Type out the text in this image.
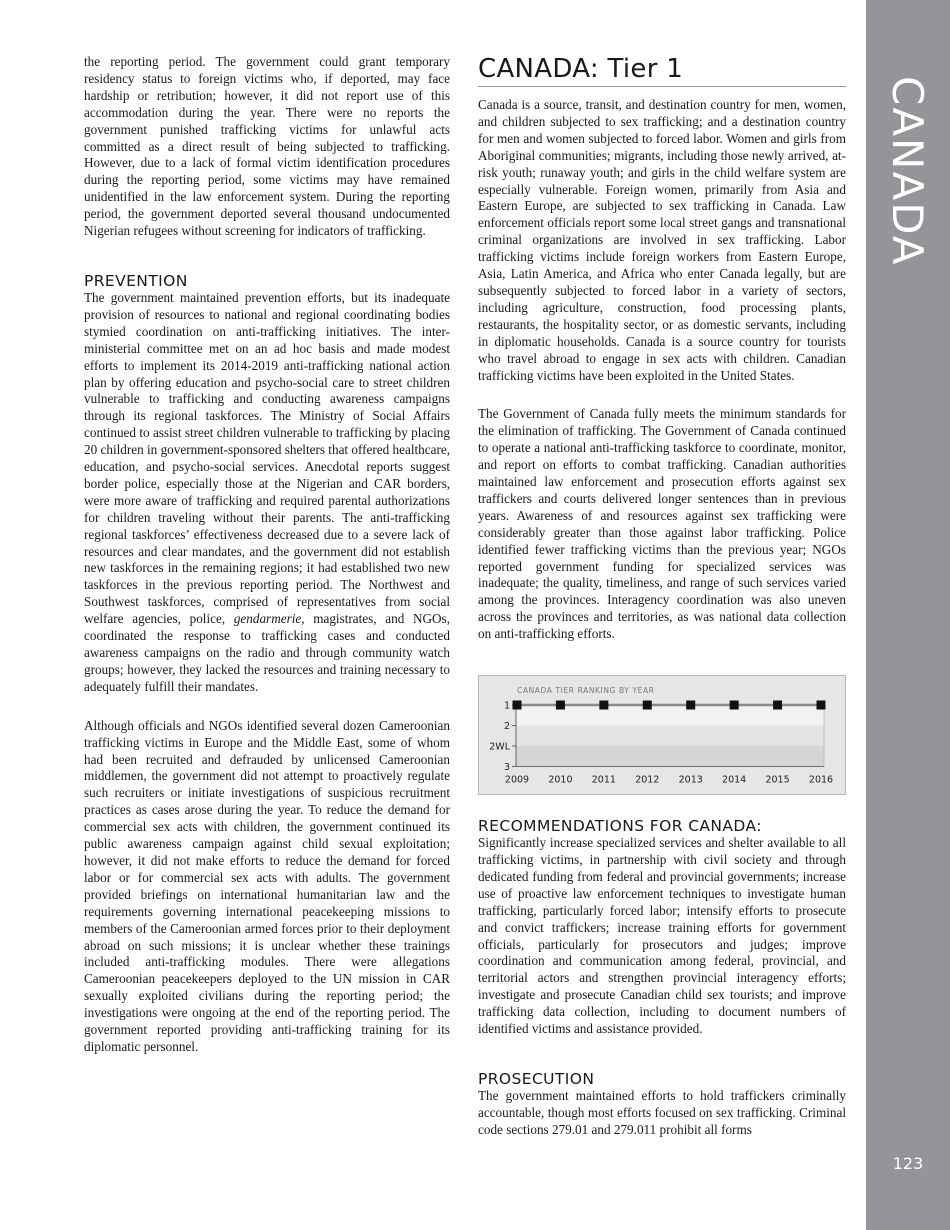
CANADA
123

the reporting period. The government could grant temporary residency status to foreign victims who, if deported, may face hardship or retribution; however, it did not report use of this accommodation during the year. There were no reports the government punished trafficking victims for unlawful acts committed as a direct result of being subjected to trafficking. However, due to a lack of formal victim identification procedures during the reporting period, some victims may have remained unidentified in the law enforcement system. During the reporting period, the government deported several thousand undocumented Nigerian refugees without screening for indicators of trafficking.

PREVENTION

The government maintained prevention efforts, but its inadequate provision of resources to national and regional coordinating bodies stymied coordination on anti-trafficking initiatives. The inter-ministerial committee met on an ad hoc basis and made modest efforts to implement its 2014-2019 anti-trafficking national action plan by offering education and psycho-social care to street children vulnerable to trafficking and conducting awareness campaigns through its regional taskforces. The Ministry of Social Affairs continued to assist street children vulnerable to trafficking by placing 20 children in government-sponsored shelters that offered healthcare, education, and psycho-social services. Anecdotal reports suggest border police, especially those at the Nigerian and CAR borders, were more aware of trafficking and required parental authorizations for children traveling without their parents. The anti-trafficking regional taskforces’ effectiveness decreased due to a severe lack of resources and clear mandates, and the government did not establish new taskforces in the remaining regions; it had established two new taskforces in the previous reporting period. The Northwest and Southwest taskforces, comprised of representatives from social welfare agencies, police, gendarmerie, magistrates, and NGOs, coordinated the response to trafficking cases and conducted awareness campaigns on the radio and through community watch groups; however, they lacked the resources and training necessary to adequately fulfill their mandates.

Although officials and NGOs identified several dozen Cameroonian trafficking victims in Europe and the Middle East, some of whom had been recruited and defrauded by unlicensed Cameroonian middlemen, the government did not attempt to proactively regulate such recruiters or initiate investigations of suspicious recruitment practices as cases arose during the year. To reduce the demand for commercial sex acts with children, the government continued its public awareness campaign against child sexual exploitation; however, it did not make efforts to reduce the demand for forced labor or for commercial sex acts with adults. The government provided briefings on international humanitarian law and the requirements governing international peacekeeping missions to members of the Cameroonian armed forces prior to their deployment abroad on such missions; it is unclear whether these trainings included anti-trafficking modules. There were allegations Cameroonian peacekeepers deployed to the UN mission in CAR sexually exploited civilians during the reporting period; the investigations were ongoing at the end of the reporting period. The government reported providing anti-trafficking training for its diplomatic personnel.

CANADA: Tier 1

Canada is a source, transit, and destination country for men, women, and children subjected to sex trafficking; and a destination country for men and women subjected to forced labor. Women and girls from Aboriginal communities; migrants, including those newly arrived, at-risk youth; runaway youth; and girls in the child welfare system are especially vulnerable. Foreign women, primarily from Asia and Eastern Europe, are subjected to sex trafficking in Canada. Law enforcement officials report some local street gangs and transnational criminal organizations are involved in sex trafficking. Labor trafficking victims include foreign workers from Eastern Europe, Asia, Latin America, and Africa who enter Canada legally, but are subsequently subjected to forced labor in a variety of sectors, including agriculture, construction, food processing plants, restaurants, the hospitality sector, or as domestic servants, including in diplomatic households. Canada is a source country for tourists who travel abroad to engage in sex acts with children. Canadian trafficking victims have been exploited in the United States.

The Government of Canada fully meets the minimum standards for the elimination of trafficking. The Government of Canada continued to operate a national anti-trafficking taskforce to coordinate, monitor, and report on efforts to combat trafficking. Canadian authorities maintained law enforcement and prosecution efforts against sex traffickers and courts delivered longer sentences than in previous years. Awareness of and resources against sex trafficking were considerably greater than those against labor trafficking. Police identified fewer trafficking victims than the previous year; NGOs reported government funding for specialized services was inadequate; the quality, timeliness, and range of such services varied among the provinces. Interagency coordination was also uneven across the provinces and territories, as was national data collection on anti-trafficking efforts.

CANADA TIER RANKING BY YEAR
1
2
2WL
3
2009 2010 2011 2012 2013 2014 2015 2016
RECOMMENDATIONS FOR CANADA:

Significantly increase specialized services and shelter available to all trafficking victims, in partnership with civil society and through dedicated funding from federal and provincial governments; increase use of proactive law enforcement techniques to investigate human trafficking, particularly forced labor; intensify efforts to prosecute and convict traffickers; increase training efforts for government officials, particularly for prosecutors and judges; improve coordination and communication among federal, provincial, and territorial actors and strengthen provincial interagency efforts; investigate and prosecute Canadian child sex tourists; and improve trafficking data collection, including to document numbers of identified victims and assistance provided.

PROSECUTION

The government maintained efforts to hold traffickers criminally accountable, though most efforts focused on sex trafficking. Criminal code sections 279.01 and 279.011 prohibit all forms
